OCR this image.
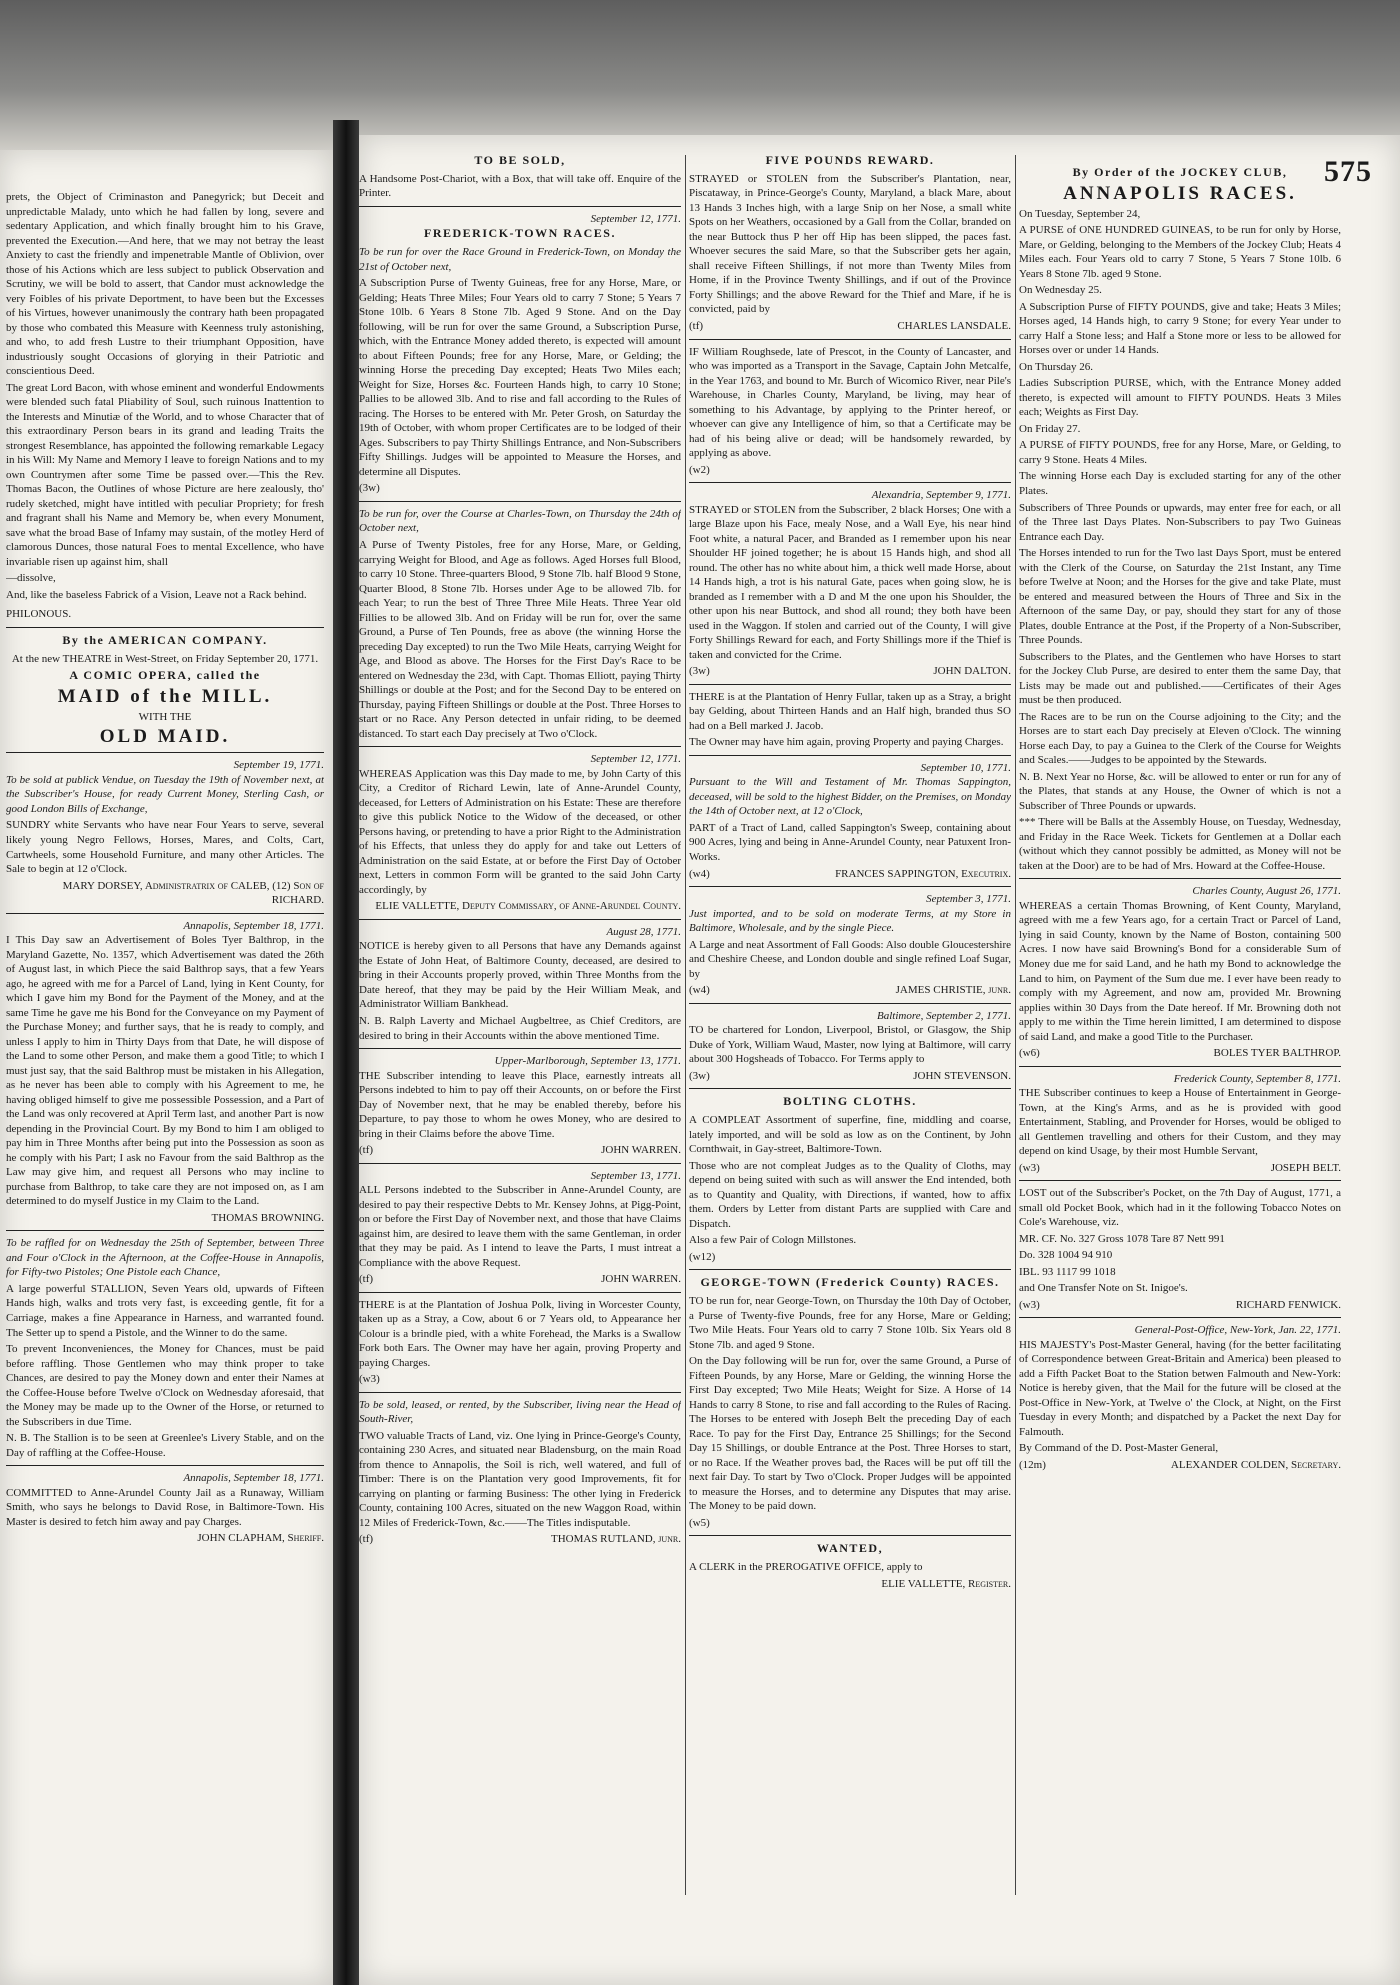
prets, the Object of Criminaston and Panegyrick; but Deceit and unpredictable Malady, unto which he had fallen by long, severe and sedentary Application, and which finally brought him to his Grave, prevented the Execution.—And here, that we may not betray the least Anxiety to cast the friendly and impenetrable Mantle of Oblivion, over those of his Actions which are less subject to publick Observation and Scrutiny, we will be bold to assert, that Candor must acknowledge the very Foibles of his private Deportment, to have been but the Excesses of his Virtues, however unanimously the contrary hath been propagated by those who combated this Measure with Keenness truly astonishing, and who, to add fresh Lustre to their triumphant Opposition, have industriously sought Occasions of glorying in their Patriotic and conscientious Deed.

The great Lord Bacon, with whose eminent and wonderful Endowments were blended such fatal Pliability of Soul, such ruinous Inattention to the Interests and Minutiæ of the World, and to whose Character that of this extraordinary Person bears in its grand and leading Traits the strongest Resemblance, has appointed the following remarkable Legacy in his Will: My Name and Memory I leave to foreign Nations and to my own Countrymen after some Time be passed over.—This the Rev. Thomas Bacon, the Outlines of whose Picture are here zealously, tho' rudely sketched, might have intitled with peculiar Propriety; for fresh and fragrant shall his Name and Memory be, when every Monument, save what the broad Base of Infamy may sustain, of the motley Herd of clamorous Dunces, those natural Foes to mental Excellence, who have invariable risen up against him, shall

—dissolve,

And, like the baseless Fabrick of a Vision, Leave not a Rack behind.

PHILONOUS.
By the AMERICAN COMPANY.

At the new THEATRE in West-Street, on Friday September 20, 1771.

A COMIC OPERA, called the
MAID of the MILL.
WITH THE
OLD MAID.
September 19, 1771.

To be sold at publick Vendue, on Tuesday the 19th of November next, at the Subscriber's House, for ready Current Money, Sterling Cash, or good London Bills of Exchange,

SUNDRY white Servants who have near Four Years to serve, several likely young Negro Fellows, Horses, Mares, and Colts, Cart, Cartwheels, some Household Furniture, and many other Articles. The Sale to begin at 12 o'Clock.

MARY DORSEY, Administratrix of CALEB, (12) Son of RICHARD.
Annapolis, September 18, 1771.

I This Day saw an Advertisement of Boles Tyer Balthrop, in the Maryland Gazette, No. 1357, which Advertisement was dated the 26th of August last, in which Piece the said Balthrop says, that a few Years ago, he agreed with me for a Parcel of Land, lying in Kent County, for which I gave him my Bond for the Payment of the Money, and at the same Time he gave me his Bond for the Conveyance on my Payment of the Purchase Money; and further says, that he is ready to comply, and unless I apply to him in Thirty Days from that Date, he will dispose of the Land to some other Person, and make them a good Title; to which I must just say, that the said Balthrop must be mistaken in his Allegation, as he never has been able to comply with his Agreement to me, he having obliged himself to give me possessible Possession, and a Part of the Land was only recovered at April Term last, and another Part is now depending in the Provincial Court. By my Bond to him I am obliged to pay him in Three Months after being put into the Possession as soon as he comply with his Part; I ask no Favour from the said Balthrop as the Law may give him, and request all Persons who may incline to purchase from Balthrop, to take care they are not imposed on, as I am determined to do myself Justice in my Claim to the Land.

THOMAS BROWNING.

To be raffled for on Wednesday the 25th of September, between Three and Four o'Clock in the Afternoon, at the Coffee-House in Annapolis, for Fifty-two Pistoles; One Pistole each Chance,

A large powerful STALLION, Seven Years old, upwards of Fifteen Hands high, walks and trots very fast, is exceeding gentle, fit for a Carriage, makes a fine Appearance in Harness, and warranted found. The Setter up to spend a Pistole, and the Winner to do the same.

To prevent Inconveniences, the Money for Chances, must be paid before raffling. Those Gentlemen who may think proper to take Chances, are desired to pay the Money down and enter their Names at the Coffee-House before Twelve o'Clock on Wednesday aforesaid, that the Money may be made up to the Owner of the Horse, or returned to the Subscribers in due Time.

N. B. The Stallion is to be seen at Greenlee's Livery Stable, and on the Day of raffling at the Coffee-House.

Annapolis, September 18, 1771.

COMMITTED to Anne-Arundel County Jail as a Runaway, William Smith, who says he belongs to David Rose, in Baltimore-Town. His Master is desired to fetch him away and pay Charges.

JOHN CLAPHAM, Sheriff.
575
TO BE SOLD,

A Handsome Post-Chariot, with a Box, that will take off. Enquire of the Printer.

September 12, 1771.
FREDERICK-TOWN RACES.

To be run for over the Race Ground in Frederick-Town, on Monday the 21st of October next,

A Subscription Purse of Twenty Guineas, free for any Horse, Mare, or Gelding; Heats Three Miles; Four Years old to carry 7 Stone; 5 Years 7 Stone 10lb. 6 Years 8 Stone 7lb. Aged 9 Stone. And on the Day following, will be run for over the same Ground, a Subscription Purse, which, with the Entrance Money added thereto, is expected will amount to about Fifteen Pounds; free for any Horse, Mare, or Gelding; the winning Horse the preceding Day excepted; Heats Two Miles each; Weight for Size, Horses &c. Fourteen Hands high, to carry 10 Stone; Pallies to be allowed 3lb. And to rise and fall according to the Rules of racing. The Horses to be entered with Mr. Peter Grosh, on Saturday the 19th of October, with whom proper Certificates are to be lodged of their Ages. Subscribers to pay Thirty Shillings Entrance, and Non-Subscribers Fifty Shillings. Judges will be appointed to Measure the Horses, and determine all Disputes.

(3w)

To be run for, over the Course at Charles-Town, on Thursday the 24th of October next,

A Purse of Twenty Pistoles, free for any Horse, Mare, or Gelding, carrying Weight for Blood, and Age as follows. Aged Horses full Blood, to carry 10 Stone. Three-quarters Blood, 9 Stone 7lb. half Blood 9 Stone, Quarter Blood, 8 Stone 7lb. Horses under Age to be allowed 7lb. for each Year; to run the best of Three Three Mile Heats. Three Year old Fillies to be allowed 3lb. And on Friday will be run for, over the same Ground, a Purse of Ten Pounds, free as above (the winning Horse the preceding Day excepted) to run the Two Mile Heats, carrying Weight for Age, and Blood as above. The Horses for the First Day's Race to be entered on Wednesday the 23d, with Capt. Thomas Elliott, paying Thirty Shillings or double at the Post; and for the Second Day to be entered on Thursday, paying Fifteen Shillings or double at the Post. Three Horses to start or no Race. Any Person detected in unfair riding, to be deemed distanced. To start each Day precisely at Two o'Clock.

September 12, 1771.

WHEREAS Application was this Day made to me, by John Carty of this City, a Creditor of Richard Lewin, late of Anne-Arundel County, deceased, for Letters of Administration on his Estate: These are therefore to give this publick Notice to the Widow of the deceased, or other Persons having, or pretending to have a prior Right to the Administration of his Effects, that unless they do apply for and take out Letters of Administration on the said Estate, at or before the First Day of October next, Letters in common Form will be granted to the said John Carty accordingly, by

ELIE VALLETTE, Deputy Commissary, of Anne-Arundel County.
August 28, 1771.

NOTICE is hereby given to all Persons that have any Demands against the Estate of John Heat, of Baltimore County, deceased, are desired to bring in their Accounts properly proved, within Three Months from the Date hereof, that they may be paid by the Heir William Meak, and Administrator William Bankhead.

N. B. Ralph Laverty and Michael Augbeltree, as Chief Creditors, are desired to bring in their Accounts within the above mentioned Time.

Upper-Marlborough, September 13, 1771.

THE Subscriber intending to leave this Place, earnestly intreats all Persons indebted to him to pay off their Accounts, on or before the First Day of November next, that he may be enabled thereby, before his Departure, to pay those to whom he owes Money, who are desired to bring in their Claims before the above Time.

(tf)	JOHN WARREN.
September 13, 1771.

ALL Persons indebted to the Subscriber in Anne-Arundel County, are desired to pay their respective Debts to Mr. Kensey Johns, at Pigg-Point, on or before the First Day of November next, and those that have Claims against him, are desired to leave them with the same Gentleman, in order that they may be paid. As I intend to leave the Parts, I must intreat a Compliance with the above Request.

(tf)	JOHN WARREN.

THERE is at the Plantation of Joshua Polk, living in Worcester County, taken up as a Stray, a Cow, about 6 or 7 Years old, to Appearance her Colour is a brindle pied, with a white Forehead, the Marks is a Swallow Fork both Ears. The Owner may have her again, proving Property and paying Charges.

(w3)

To be sold, leased, or rented, by the Subscriber, living near the Head of South-River,

TWO valuable Tracts of Land, viz. One lying in Prince-George's County, containing 230 Acres, and situated near Bladensburg, on the main Road from thence to Annapolis, the Soil is rich, well watered, and full of Timber: There is on the Plantation very good Improvements, fit for carrying on planting or farming Business: The other lying in Frederick County, containing 100 Acres, situated on the new Waggon Road, within 12 Miles of Frederick-Town, &c.——The Titles indisputable.

(tf)	THOMAS RUTLAND, junr.
FIVE POUNDS REWARD.

STRAYED or STOLEN from the Subscriber's Plantation, near, Piscataway, in Prince-George's County, Maryland, a black Mare, about 13 Hands 3 Inches high, with a large Snip on her Nose, a small white Spots on her Weathers, occasioned by a Gall from the Collar, branded on the near Buttock thus P her off Hip has been slipped, the paces fast. Whoever secures the said Mare, so that the Subscriber gets her again, shall receive Fifteen Shillings, if not more than Twenty Miles from Home, if in the Province Twenty Shillings, and if out of the Province Forty Shillings; and the above Reward for the Thief and Mare, if he is convicted, paid by

(tf)	CHARLES LANSDALE.

IF William Roughsede, late of Prescot, in the County of Lancaster, and who was imported as a Transport in the Savage, Captain John Metcalfe, in the Year 1763, and bound to Mr. Burch of Wicomico River, near Pile's Warehouse, in Charles County, Maryland, be living, may hear of something to his Advantage, by applying to the Printer hereof, or whoever can give any Intelligence of him, so that a Certificate may be had of his being alive or dead; will be handsomely rewarded, by applying as above.

(w2)
Alexandria, September 9, 1771.

STRAYED or STOLEN from the Subscriber, 2 black Horses; One with a large Blaze upon his Face, mealy Nose, and a Wall Eye, his near hind Foot white, a natural Pacer, and Branded as I remember upon his near Shoulder HF joined together; he is about 15 Hands high, and shod all round. The other has no white about him, a thick well made Horse, about 14 Hands high, a trot is his natural Gate, paces when going slow, he is branded as I remember with a D and M the one upon his Shoulder, the other upon his near Buttock, and shod all round; they both have been used in the Waggon. If stolen and carried out of the County, I will give Forty Shillings Reward for each, and Forty Shillings more if the Thief is taken and convicted for the Crime.

(3w)	JOHN DALTON.

THERE is at the Plantation of Henry Fullar, taken up as a Stray, a bright bay Gelding, about Thirteen Hands and an Half high, branded thus SO had on a Bell marked J. Jacob.

The Owner may have him again, proving Property and paying Charges.

September 10, 1771.

Pursuant to the Will and Testament of Mr. Thomas Sappington, deceased, will be sold to the highest Bidder, on the Premises, on Monday the 14th of October next, at 12 o'Clock,

PART of a Tract of Land, called Sappington's Sweep, containing about 900 Acres, lying and being in Anne-Arundel County, near Patuxent Iron-Works.

(w4)	FRANCES SAPPINGTON, Executrix.
September 3, 1771.

Just imported, and to be sold on moderate Terms, at my Store in Baltimore, Wholesale, and by the single Piece.

A Large and neat Assortment of Fall Goods: Also double Gloucestershire and Cheshire Cheese, and London double and single refined Loaf Sugar, by

(w4)	JAMES CHRISTIE, junr.
Baltimore, September 2, 1771.

TO be chartered for London, Liverpool, Bristol, or Glasgow, the Ship Duke of York, William Waud, Master, now lying at Baltimore, will carry about 300 Hogsheads of Tobacco. For Terms apply to

(3w)	JOHN STEVENSON.
BOLTING CLOTHS.

A COMPLEAT Assortment of superfine, fine, middling and coarse, lately imported, and will be sold as low as on the Continent, by John Cornthwait, in Gay-street, Baltimore-Town.

Those who are not compleat Judges as to the Quality of Cloths, may depend on being suited with such as will answer the End intended, both as to Quantity and Quality, with Directions, if wanted, how to affix them. Orders by Letter from distant Parts are supplied with Care and Dispatch.

Also a few Pair of Cologn Millstones.

(w12)
GEORGE-TOWN (Frederick County) RACES.

TO be run for, near George-Town, on Thursday the 10th Day of October, a Purse of Twenty-five Pounds, free for any Horse, Mare or Gelding; Two Mile Heats. Four Years old to carry 7 Stone 10lb. Six Years old 8 Stone 7lb. and aged 9 Stone.

On the Day following will be run for, over the same Ground, a Purse of Fifteen Pounds, by any Horse, Mare or Gelding, the winning Horse the First Day excepted; Two Mile Heats; Weight for Size. A Horse of 14 Hands to carry 8 Stone, to rise and fall according to the Rules of Racing. The Horses to be entered with Joseph Belt the preceding Day of each Race. To pay for the First Day, Entrance 25 Shillings; for the Second Day 15 Shillings, or double Entrance at the Post. Three Horses to start, or no Race. If the Weather proves bad, the Races will be put off till the next fair Day. To start by Two o'Clock. Proper Judges will be appointed to measure the Horses, and to determine any Disputes that may arise. The Money to be paid down.

(w5)
WANTED,

A CLERK in the PREROGATIVE OFFICE, apply to

ELIE VALLETTE, Register.
By Order of the JOCKEY CLUB,
ANNAPOLIS RACES.

On Tuesday, September 24,

A PURSE of ONE HUNDRED GUINEAS, to be run for only by Horse, Mare, or Gelding, belonging to the Members of the Jockey Club; Heats 4 Miles each. Four Years old to carry 7 Stone, 5 Years 7 Stone 10lb. 6 Years 8 Stone 7lb. aged 9 Stone.

On Wednesday 25.

A Subscription Purse of FIFTY POUNDS, give and take; Heats 3 Miles; Horses aged, 14 Hands high, to carry 9 Stone; for every Year under to carry Half a Stone less; and Half a Stone more or less to be allowed for Horses over or under 14 Hands.

On Thursday 26.

Ladies Subscription PURSE, which, with the Entrance Money added thereto, is expected will amount to FIFTY POUNDS. Heats 3 Miles each; Weights as First Day.

On Friday 27.

A PURSE of FIFTY POUNDS, free for any Horse, Mare, or Gelding, to carry 9 Stone. Heats 4 Miles.

The winning Horse each Day is excluded starting for any of the other Plates.

Subscribers of Three Pounds or upwards, may enter free for each, or all of the Three last Days Plates. Non-Subscribers to pay Two Guineas Entrance each Day.

The Horses intended to run for the Two last Days Sport, must be entered with the Clerk of the Course, on Saturday the 21st Instant, any Time before Twelve at Noon; and the Horses for the give and take Plate, must be entered and measured between the Hours of Three and Six in the Afternoon of the same Day, or pay, should they start for any of those Plates, double Entrance at the Post, if the Property of a Non-Subscriber, Three Pounds.

Subscribers to the Plates, and the Gentlemen who have Horses to start for the Jockey Club Purse, are desired to enter them the same Day, that Lists may be made out and published.——Certificates of their Ages must be then produced.

The Races are to be run on the Course adjoining to the City; and the Horses are to start each Day precisely at Eleven o'Clock. The winning Horse each Day, to pay a Guinea to the Clerk of the Course for Weights and Scales.——Judges to be appointed by the Stewards.

N. B. Next Year no Horse, &c. will be allowed to enter or run for any of the Plates, that stands at any House, the Owner of which is not a Subscriber of Three Pounds or upwards.

*** There will be Balls at the Assembly House, on Tuesday, Wednesday, and Friday in the Race Week. Tickets for Gentlemen at a Dollar each (without which they cannot possibly be admitted, as Money will not be taken at the Door) are to be had of Mrs. Howard at the Coffee-House.

Charles County, August 26, 1771.

WHEREAS a certain Thomas Browning, of Kent County, Maryland, agreed with me a few Years ago, for a certain Tract or Parcel of Land, lying in said County, known by the Name of Boston, containing 500 Acres. I now have said Browning's Bond for a considerable Sum of Money due me for said Land, and he hath my Bond to acknowledge the Land to him, on Payment of the Sum due me. I ever have been ready to comply with my Agreement, and now am, provided Mr. Browning applies within 30 Days from the Date hereof. If Mr. Browning doth not apply to me within the Time herein limitted, I am determined to dispose of said Land, and make a good Title to the Purchaser.

(w6)	BOLES TYER BALTHROP.
Frederick County, September 8, 1771.

THE Subscriber continues to keep a House of Entertainment in George-Town, at the King's Arms, and as he is provided with good Entertainment, Stabling, and Provender for Horses, would be obliged to all Gentlemen travelling and others for their Custom, and they may depend on kind Usage, by their most Humble Servant,

(w3)	JOSEPH BELT.

LOST out of the Subscriber's Pocket, on the 7th Day of August, 1771, a small old Pocket Book, which had in it the following Tobacco Notes on Cole's Warehouse, viz.

MR. CF. No. 327 Gross 1078 Tare 87 Nett 991

Do. 328 1004 94 910

IBL. 93 1117 99 1018

and One Transfer Note on St. Inigoe's.

(w3)	RICHARD FENWICK.
General-Post-Office, New-York, Jan. 22, 1771.

HIS MAJESTY's Post-Master General, having (for the better facilitating of Correspondence between Great-Britain and America) been pleased to add a Fifth Packet Boat to the Station betwen Falmouth and New-York: Notice is hereby given, that the Mail for the future will be closed at the Post-Office in New-York, at Twelve o' the Clock, at Night, on the First Tuesday in every Month; and dispatched by a Packet the next Day for Falmouth.

By Command of the D. Post-Master General,

(12m)	ALEXANDER COLDEN, Secretary.
